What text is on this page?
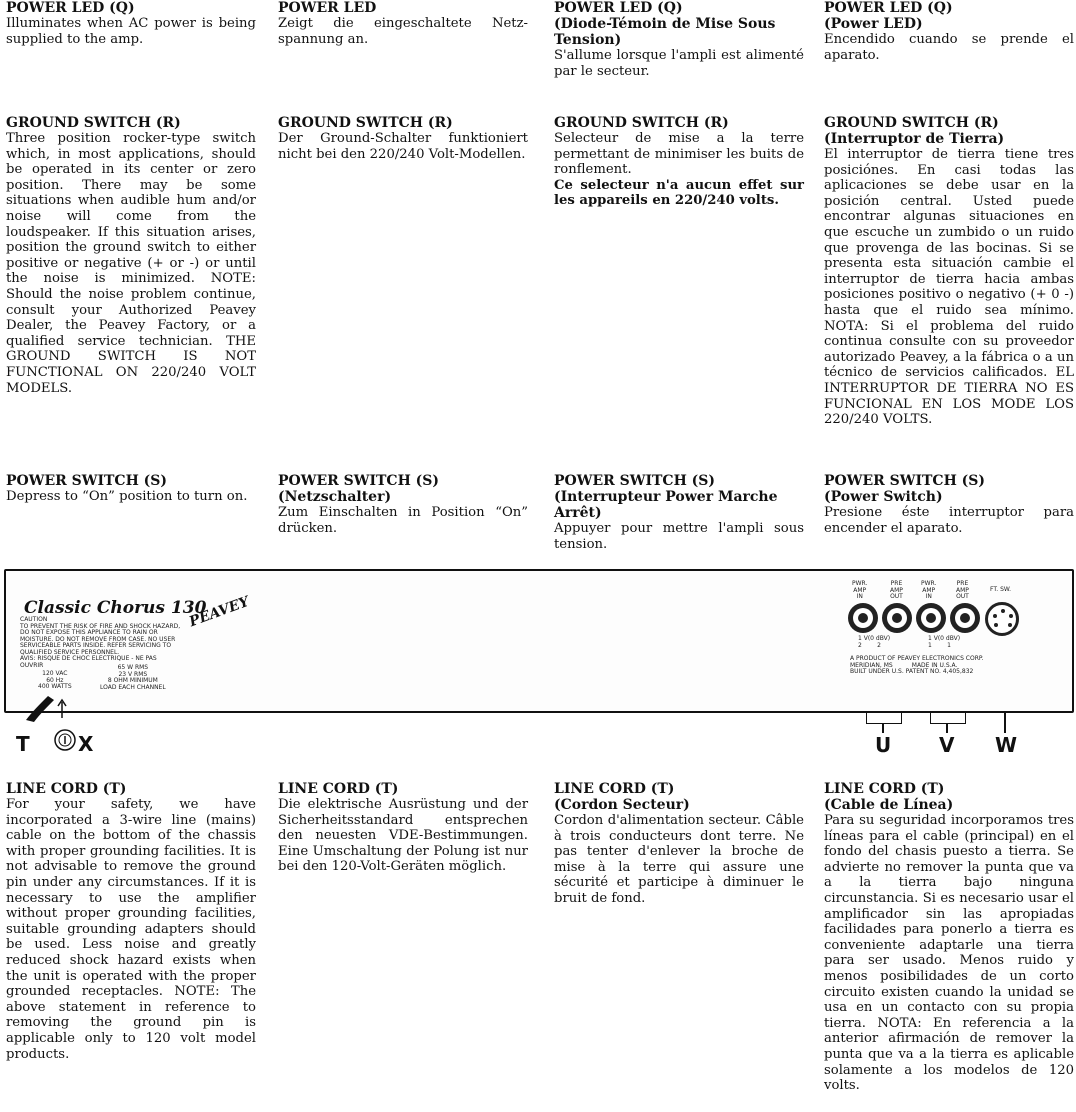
POWER LED (Q)

Illuminates when AC power is being supplied to the amp.

POWER LED

Zeigt die eingeschaltete Netz-spannung an.

POWER LED (Q)
(Diode-Témoin de Mise Sous Tension)

S'allume lorsque l'ampli est alimenté par le secteur.

POWER LED (Q)
(Power LED)

Encendido cuando se prende el aparato.

GROUND SWITCH (R)

Three position rocker-type switch which, in most applications, should be operated in its center or zero position. There may be some situations when audible hum and/or noise will come from the loudspeaker. If this situation arises, position the ground switch to either positive or negative (+ or -) or until the noise is minimized. NOTE: Should the noise problem continue, consult your Authorized Peavey Dealer, the Peavey Factory, or a qualified service technician. THE GROUND SWITCH IS NOT FUNCTIONAL ON 220/240 VOLT MODELS.

GROUND SWITCH (R)

Der Ground-Schalter funktioniert nicht bei den 220/240 Volt-Modellen.

GROUND SWITCH (R)

Selecteur de mise a la terre permettant de minimiser les buits de ronflement.

Ce selecteur n'a aucun effet sur les appareils en 220/240 volts.

GROUND SWITCH (R)
(Interruptor de Tierra)

El interruptor de tierra tiene tres posiciónes. En casi todas las aplicaciones se debe usar en la posición central. Usted puede encontrar algunas situaciones en que escuche un zumbido o un ruido que provenga de las bocinas. Si se presenta esta situación cambie el interruptor de tierra hacia ambas posiciones positivo o negativo (+ 0 -) hasta que el ruido sea mínimo. NOTA: Si el problema del ruido continua consulte con su proveedor autorizado Peavey, a la fábrica o a un técnico de servicios calificados. EL INTERRUPTOR DE TIERRA NO ES FUNCIONAL EN LOS MODE LOS 220/240 VOLTS.

POWER SWITCH (S)

Depress to “On” position to turn on.

POWER SWITCH (S)
(Netzschalter)

Zum Einschalten in Position “On” drücken.

POWER SWITCH (S)
(Interrupteur Power Marche Arrêt)

Appuyer pour mettre l'ampli sous tension.

POWER SWITCH (S)
(Power Switch)

Presione éste interruptor para encender el aparato.

Classic Chorus 130
PEAVEY
CAUTION
TO PREVENT THE RISK OF FIRE AND SHOCK HAZARD,
DO NOT EXPOSE THIS APPLIANCE TO RAIN OR
MOISTURE. DO NOT REMOVE FROM CASE. NO USER
SERVICEABLE PARTS INSIDE. REFER SERVICING TO
QUALIFIED SERVICE PERSONNEL.
AVIS: RISQUE DE CHOC ELECTRIQUE - NE PAS
OUVRIR
120 VAC
60 Hz
400 WATTS
65 W RMS
23 V RMS
8 OHM MINIMUM
LOAD EACH CHANNEL
PWR.
AMP
IN
PRE
AMP
OUT
PWR.
AMP
IN
PRE
AMP
OUT
FT. SW.
1 V(0 dBV)
2        2
1 V(0 dBV)
1        1
A PRODUCT OF PEAVEY ELECTRONICS CORP.
MERIDIAN, MS          MADE IN U.S.A.
BUILT UNDER U.S. PATENT NO. 4,405,832
T X	U V W
LINE CORD (T)

For your safety, we have incorporated a 3-wire line (mains) cable on the bottom of the chassis with proper grounding facilities. It is not advisable to remove the ground pin under any circumstances. If it is necessary to use the amplifier without proper grounding facilities, suitable grounding adapters should be used. Less noise and greatly reduced shock hazard exists when the unit is operated with the proper grounded receptacles. NOTE: The above statement in reference to removing the ground pin is applicable only to 120 volt model products.

LINE CORD (T)

Die elektrische Ausrüstung und der Sicherheitsstandard entsprechen den neuesten VDE-Bestimmungen. Eine Umschaltung der Polung ist nur bei den 120-Volt-Geräten möglich.

LINE CORD (T)
(Cordon Secteur)

Cordon d'alimentation secteur. Câble à trois conducteurs dont terre. Ne pas tenter d'enlever la broche de mise à la terre qui assure une sécurité et participe à diminuer le bruit de fond.

LINE CORD (T)
(Cable de Línea)

Para su seguridad incorporamos tres líneas para el cable (principal) en el fondo del chasis puesto a tierra. Se advierte no remover la punta que va a la tierra bajo ninguna circunstancia. Si es necesario usar el amplificador sin las apropiadas facilidades para ponerlo a tierra es conveniente adaptarle una tierra para ser usado. Menos ruido y menos posibilidades de un corto circuito existen cuando la unidad se usa en un contacto con su propia tierra. NOTA: En referencia a la anterior afirmación de remover la punta que va a la tierra es aplicable solamente a los modelos de 120 volts.
